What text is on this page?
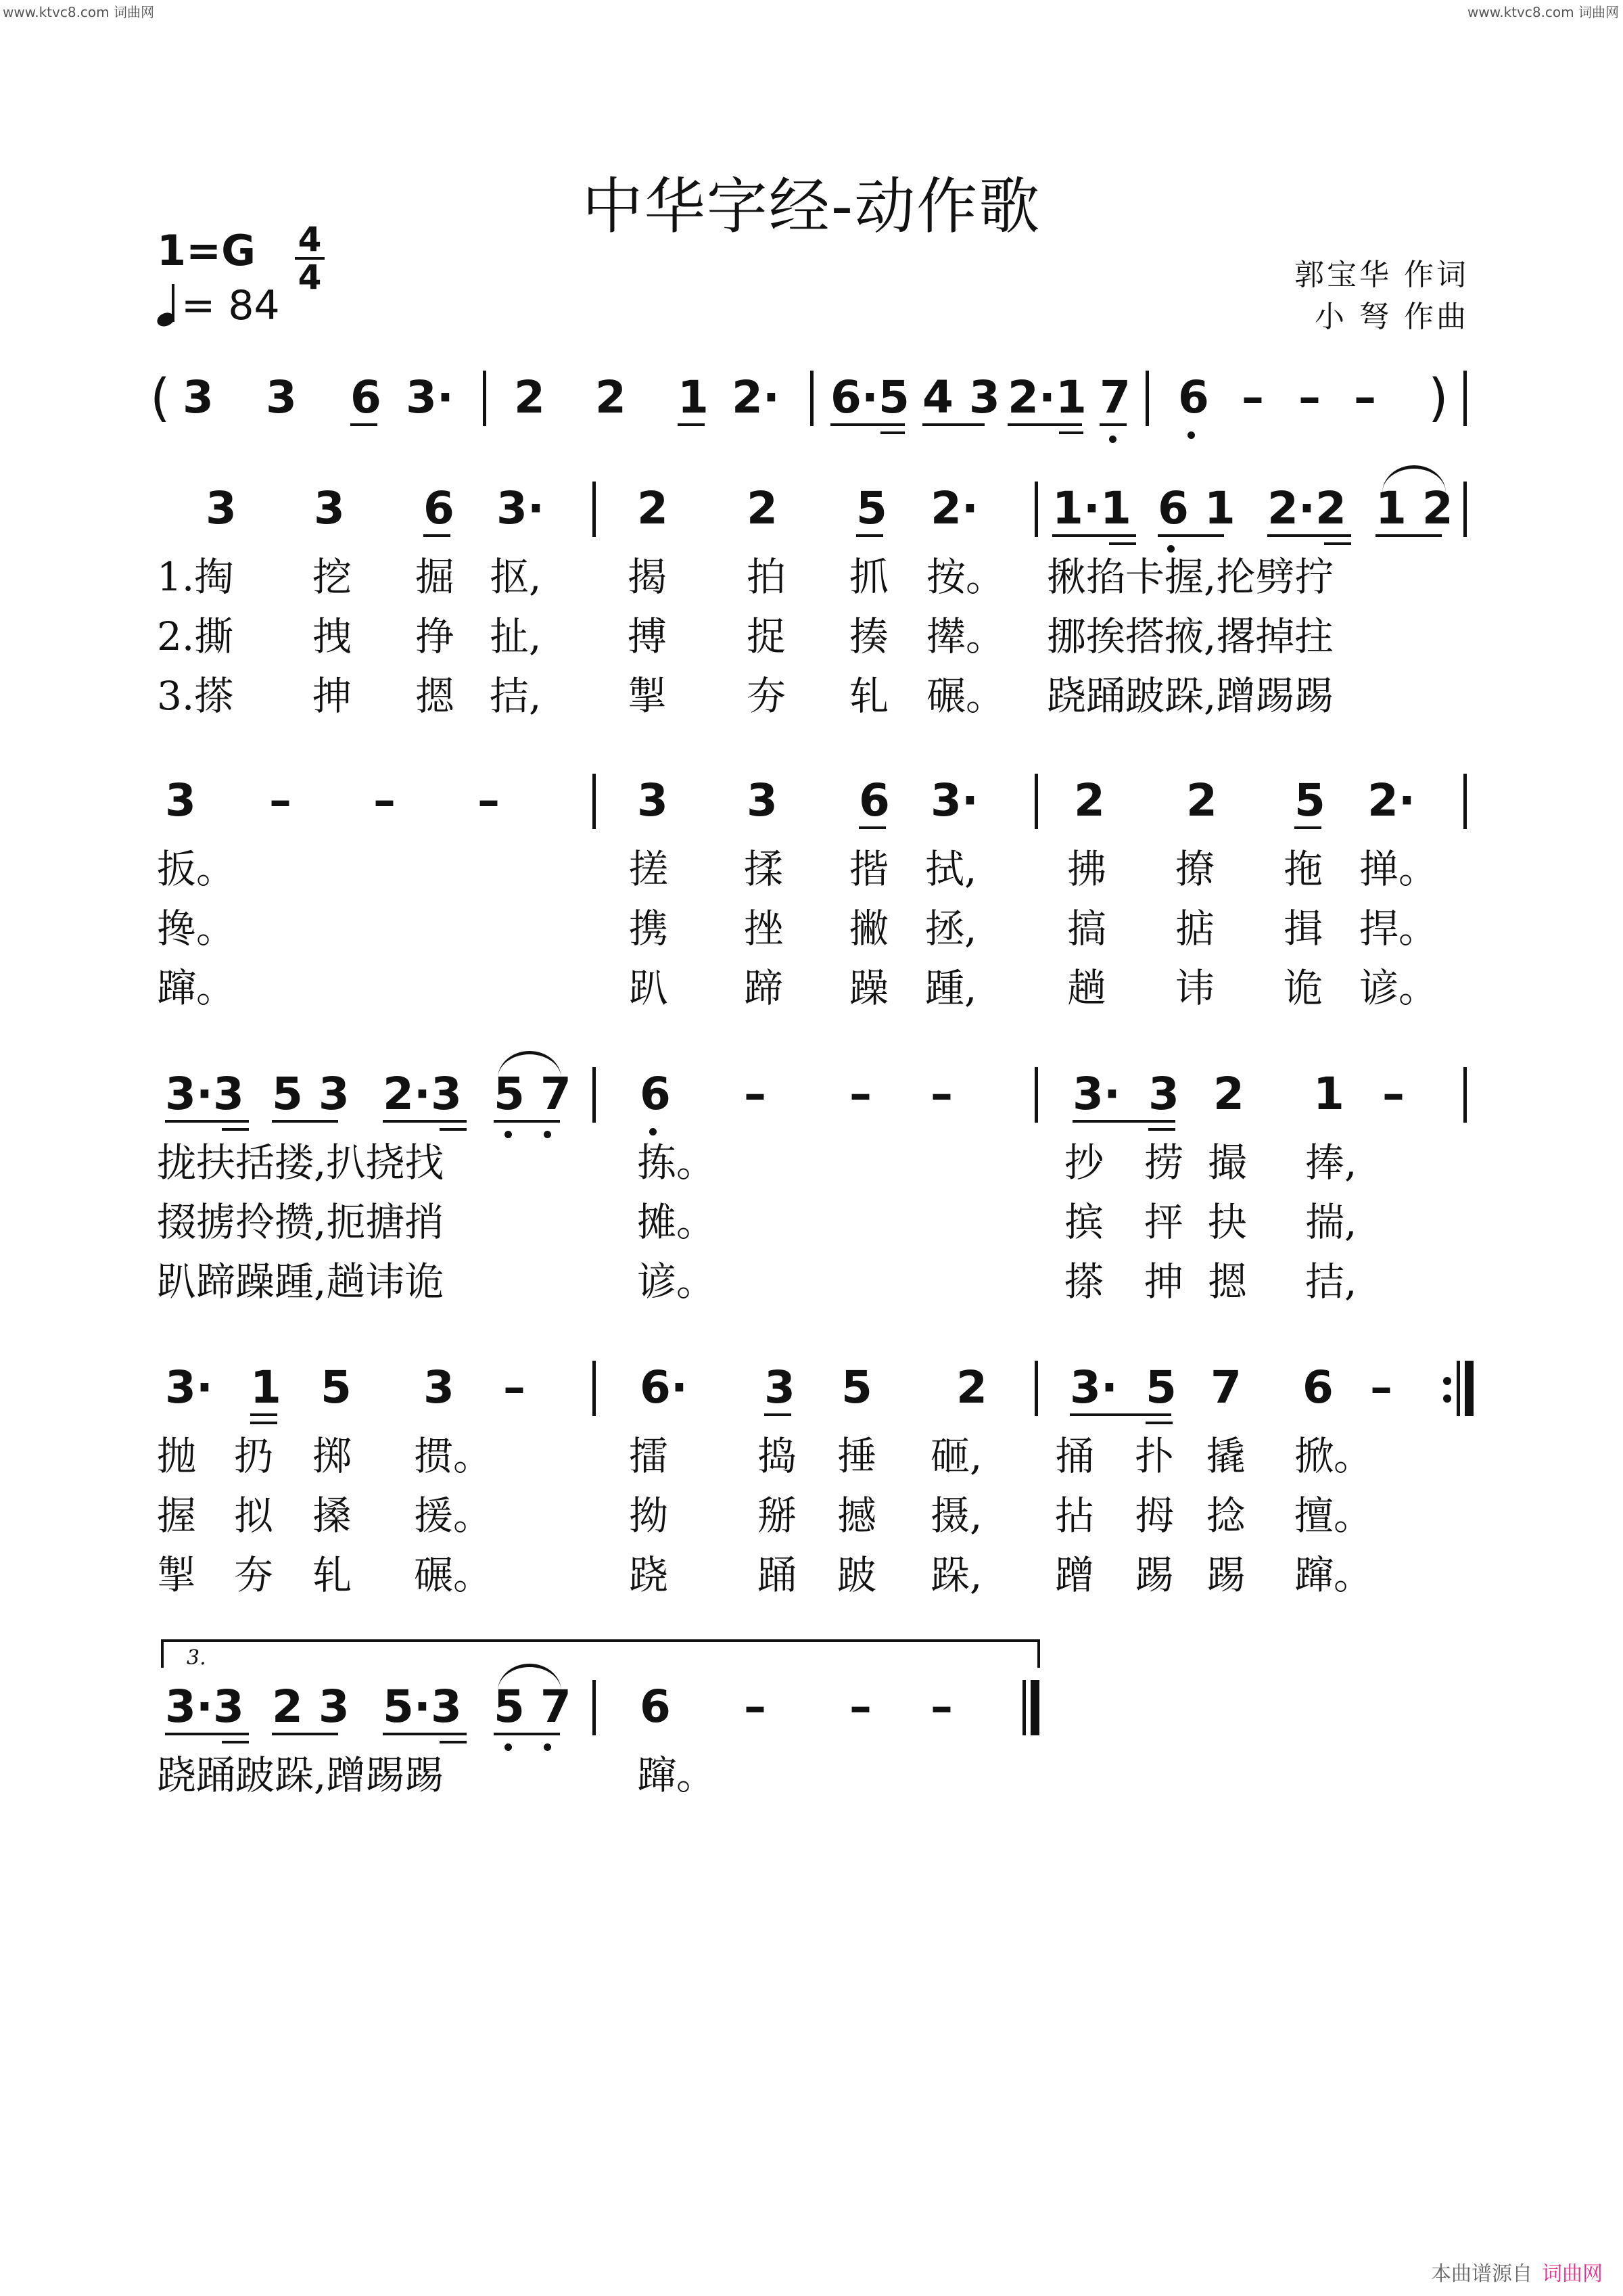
www.ktvc8.com 词曲网	www.ktvc8.com 词曲网
中华字经-动作歌
1=G 4
4
= 84
郭宝华 作词
小 弩 作曲
( 3 3 6 3· 2 2 1 2· 6·5 4 3 2·1 7 6 – – – )
3 3 6 3· 2 2 5 2· 1·1 6 1 2·2 1 2
1.掏 挖 掘 抠, 揭 拍 抓 按。 揪掐卡握,抡劈拧
2.撕 拽 挣 扯, 搏 捉 揍 撵。 挪挨搭掖,撂掉拄
3.搽 抻 摁 拮, 掣 夯 轧 碾。 跷踊跛跺,蹭踢踢
3 – – –	3 3 6 3· 2 2 5 2·
扳。	搓 揉 揩 拭, 拂 撩 拖 掸。
搀。	携 挫 撇 拯, 搞 掂 揖 捍。
蹿。	趴 蹄 躁 踵, 趟 讳 诡 谚。
3·3 5 3 2·3 5 7 6 – – –	3· 3 2 1 –
拢扶括搂,扒挠找	拣。	抄 捞 撮 捧,
掇掳拎攒,扼搪捎	摊。	摈 抨 抉 揣,
趴蹄躁踵,趟讳诡	谚。	搽 抻 摁 拮,
3· 1 5 3 –	6· 3 5 2 3· 5 7 6 –
抛 扔 掷 掼。	擂 捣 捶 砸, 捅 扑 撬 掀。
握 拟 搡 援。	拗 掰 撼 摄, 拈 拇 捻 擅。
掣 夯 轧 碾。	跷 踊 跛 跺, 蹭 踢 踢 蹿。
3.
3·3 2 3 5·3 5 7 6 – – –
跷踊跛跺,蹭踢踢	蹿。
本曲谱源自 词曲网
